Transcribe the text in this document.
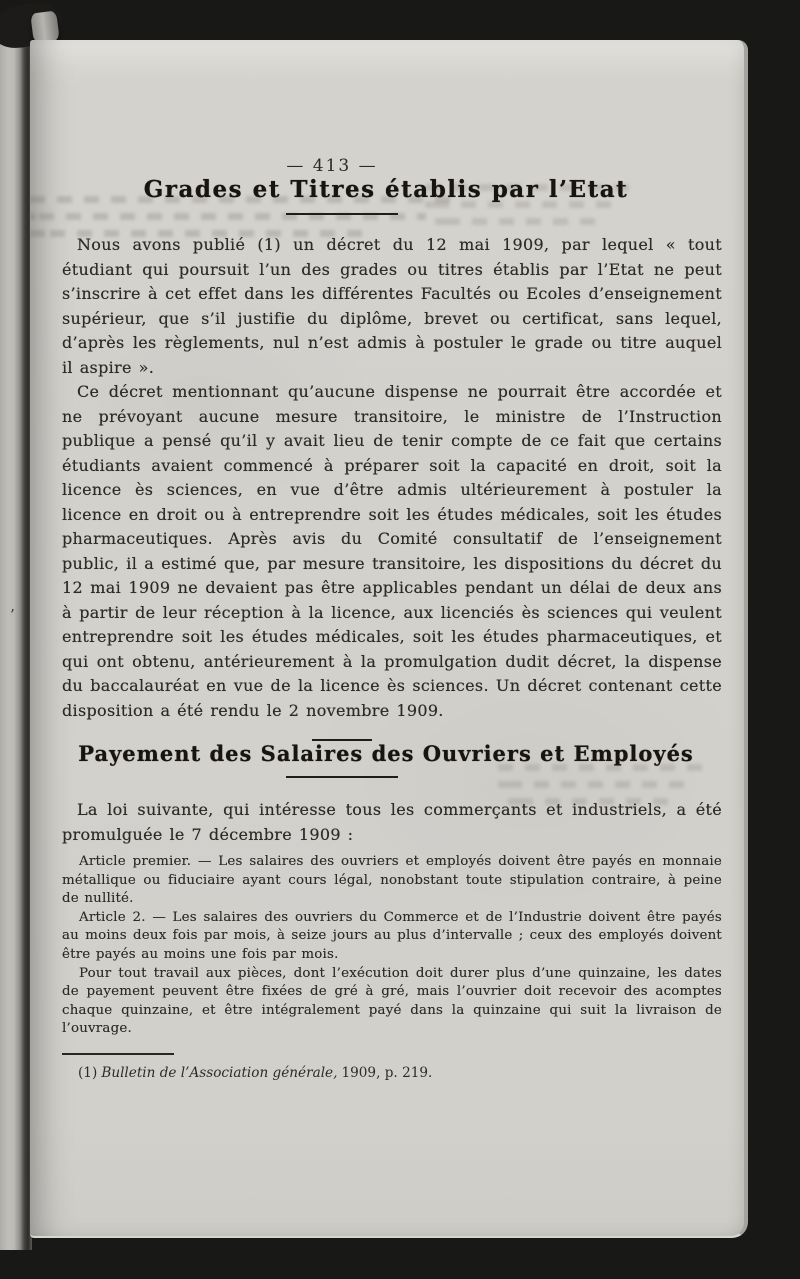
’
— 413 —
Grades et Titres établis par l’Etat

Nous avons publié (1) un décret du 12 mai 1909, par lequel « tout étudiant qui poursuit l’un des grades ou titres établis par l’Etat ne peut s’inscrire à cet effet dans les différentes Facultés ou Ecoles d’enseignement supérieur, que s’il justifie du diplôme, brevet ou certificat, sans lequel, d’après les règlements, nul n’est admis à postuler le grade ou titre auquel il aspire ».

Ce décret mentionnant qu’aucune dispense ne pourrait être accordée et ne prévoyant aucune mesure transitoire, le ministre de l’Instruction publique a pensé qu’il y avait lieu de tenir compte de ce fait que certains étudiants avaient commencé à préparer soit la capacité en droit, soit la licence ès sciences, en vue d’être admis ultérieurement à postuler la licence en droit ou à entreprendre soit les études médicales, soit les études pharmaceutiques. Après avis du Comité consultatif de l’enseignement public, il a estimé que, par mesure transitoire, les dispositions du décret du 12 mai 1909 ne devaient pas être applicables pendant un délai de deux ans à partir de leur réception à la licence, aux licenciés ès sciences qui veulent entreprendre soit les études médicales, soit les études pharmaceutiques, et qui ont obtenu, antérieurement à la promulgation dudit décret, la dispense du baccalauréat en vue de la licence ès sciences. Un décret contenant cette disposition a été rendu le 2 novembre 1909.

Payement des Salaires des Ouvriers et Employés

La loi suivante, qui intéresse tous les commerçants et industriels, a été promulguée le 7 décembre 1909 :

Article premier. — Les salaires des ouvriers et employés doivent être payés en monnaie métallique ou fiduciaire ayant cours légal, nonobstant toute stipulation contraire, à peine de nullité.

Article 2. — Les salaires des ouvriers du Commerce et de l’Industrie doivent être payés au moins deux fois par mois, à seize jours au plus d’intervalle ; ceux des employés doivent être payés au moins une fois par mois.

Pour tout travail aux pièces, dont l’exécution doit durer plus d’une quinzaine, les dates de payement peuvent être fixées de gré à gré, mais l’ouvrier doit recevoir des acomptes chaque quinzaine, et être intégralement payé dans la quinzaine qui suit la livraison de l’ouvrage.

(1) Bulletin de l’Association générale, 1909, p. 219.
